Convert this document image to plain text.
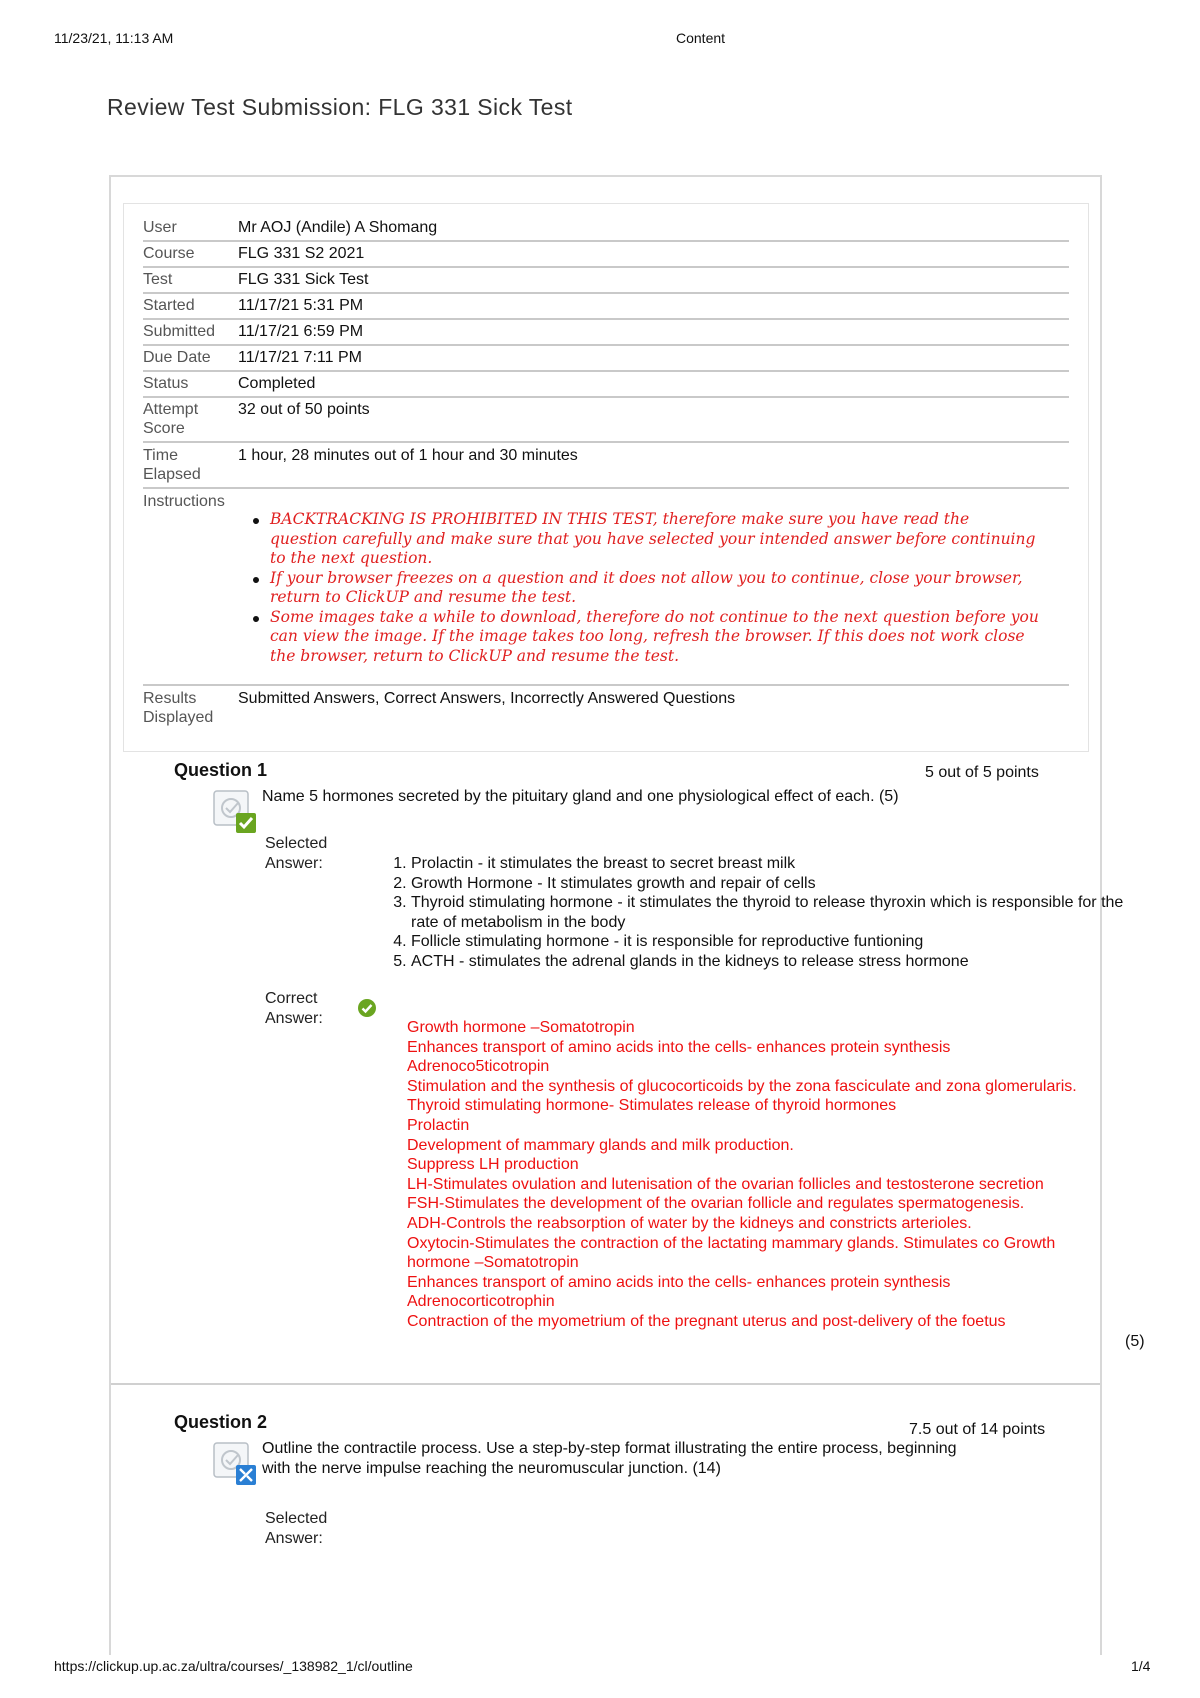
11/23/21, 11:13 AM	Content
https://clickup.up.ac.za/ultra/courses/_138982_1/cl/outline	1/4
Review Test Submission: FLG 331 Sick Test
User	Mr AOJ (Andile) A Shomang
Course	FLG 331 S2 2021
Test	FLG 331 Sick Test
Started	11/17/21 5:31 PM
Submitted	11/17/21 6:59 PM
Due Date	11/17/21 7:11 PM
Status	Completed
Attempt
Score
32 out of 50 points
Time
Elapsed
1 hour, 28 minutes out of 1 hour and 30 minutes
Instructions
Results
Displayed
Submitted Answers, Correct Answers, Incorrectly Answered Questions
BACKTRACKING IS PROHIBITED IN THIS TEST, therefore make sure you have read the
question carefully and make sure that you have selected your intended answer before continuing
to the next question.
If your browser freezes on a question and it does not allow you to continue, close your browser,
return to ClickUP and resume the test.
Some images take a while to download, therefore do not continue to the next question before you
can view the image. If the image takes too long, refresh the browser. If this does not work close
the browser, return to ClickUP and resume the test.
Question 1	5 out of 5 points
Name 5 hormones secreted by the pituitary gland and one physiological effect of each. (5)
Selected
Answer:
1.	Prolactin - it stimulates the breast to secret breast milk
2. Growth Hormone - It stimulates growth and repair of cells
3. Thyroid stimulating hormone - it stimulates the thyroid to release thyroxin which is responsible for the rate of metabolism in the body
4. Follicle stimulating hormone - it is responsible for reproductive funtioning
5. ACTH - stimulates the adrenal glands in the kidneys to release stress hormone
Correct
Answer:
Growth hormone –Somatotropin
Enhances transport of amino acids into the cells- enhances protein synthesis
Adrenoco5ticotropin
Stimulation and the synthesis of glucocorticoids by the zona fasciculate and zona glomerularis.
Thyroid stimulating hormone- Stimulates release of thyroid hormones
Prolactin
Development of mammary glands and milk production.
Suppress LH production
LH-Stimulates ovulation and lutenisation of the ovarian follicles and testosterone secretion
FSH-Stimulates the development of the ovarian follicle and regulates spermatogenesis.
ADH-Controls the reabsorption of water by the kidneys and constricts arterioles.
Oxytocin-Stimulates the contraction of the lactating mammary glands. Stimulates co Growth
hormone –Somatotropin
Enhances transport of amino acids into the cells- enhances protein synthesis
Adrenocorticotrophin
Contraction of the myometrium of the pregnant uterus and post-delivery of the foetus
(5)
Question 2	7.5 out of 14 points
Outline the contractile process. Use a step-by-step format illustrating the entire process, beginning
with the nerve impulse reaching the neuromuscular junction. (14)
Selected
Answer:
